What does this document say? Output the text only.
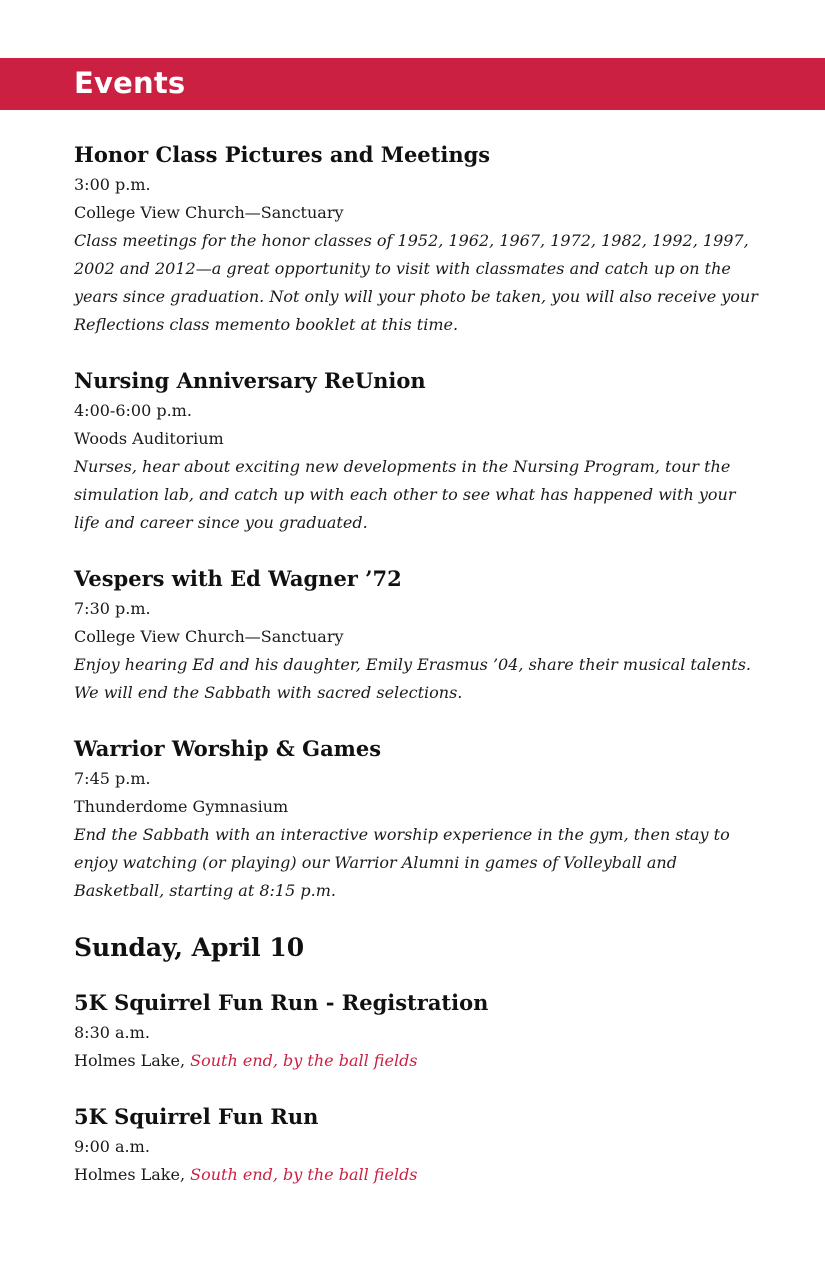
Events
Honor Class Pictures and Meetings

3:00 p.m.

College View Church—Sanctuary

Class meetings for the honor classes of 1952, 1962, 1967, 1972, 1982, 1992, 1997, 2002 and 2012—a great opportunity to visit with classmates and catch up on the years since graduation. Not only will your photo be taken, you will also receive your Reflections class memento booklet at this time.

Nursing Anniversary ReUnion

4:00-6:00 p.m.

Woods Auditorium

Nurses, hear about exciting new developments in the Nursing Program, tour the simulation lab, and catch up with each other to see what has happened with your life and career since you graduated.

Vespers with Ed Wagner ’72

7:30 p.m.

College View Church—Sanctuary

Enjoy hearing Ed and his daughter, Emily Erasmus ’04, share their musical talents. We will end the Sabbath with sacred selections.

Warrior Worship & Games

7:45 p.m.

Thunderdome Gymnasium

End the Sabbath with an interactive worship experience in the gym, then stay to enjoy watching (or playing) our Warrior Alumni in games of Volleyball and Basketball, starting at 8:15 p.m.

Sunday, April 10
5K Squirrel Fun Run - Registration

8:30 a.m.

Holmes Lake, South end, by the ball fields

5K Squirrel Fun Run

9:00 a.m.

Holmes Lake, South end, by the ball fields
